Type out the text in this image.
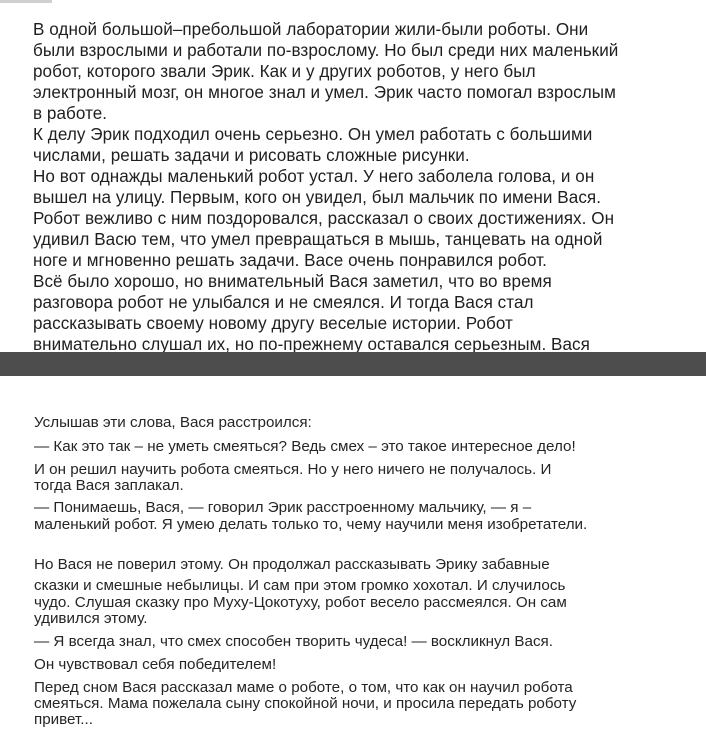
В одной большой–пребольшой лаборатории жили-были роботы. Они
были взрослыми и работали по-взрослому. Но был среди них маленький
робот, которого звали Эрик. Как и у других роботов, у него был
электронный мозг, он многое знал и умел. Эрик часто помогал взрослым
в работе.
К делу Эрик подходил очень серьезно. Он умел работать с большими
числами, решать задачи и рисовать сложные рисунки.
Но вот однажды маленький робот устал. У него заболела голова, и он
вышел на улицу. Первым, кого он увидел, был мальчик по имени Вася.
Робот вежливо с ним поздоровался, рассказал о своих достижениях. Он
удивил Васю тем, что умел превращаться в мышь, танцевать на одной
ноге и мгновенно решать задачи. Васе очень понравился робот.
Всё было хорошо, но внимательный Вася заметил, что во время
разговора робот не улыбался и не смеялся. И тогда Вася стал
рассказывать своему новому другу веселые истории. Робот
внимательно слушал их, но по-прежнему оставался серьезным. Вася
Услышав эти слова, Вася расстроился:
— Как это так – не уметь смеяться? Ведь смех – это такое интересное дело!
И он решил научить робота смеяться. Но у него ничего не получалось. И
тогда Вася заплакал.
— Понимаешь, Вася, — говорил Эрик расстроенному мальчику, — я –
маленький робот. Я умею делать только то, чему научили меня изобретатели.
Но Вася не поверил этому. Он продолжал рассказывать Эрику забавные
сказки и смешные небылицы. И сам при этом громко хохотал. И случилось
чудо. Слушая сказку про Муху-Цокотуху, робот весело рассмеялся. Он сам
удивился этому.
— Я всегда знал, что смех способен творить чудеса! — воскликнул Вася.
Он чувствовал себя победителем!
Перед сном Вася рассказал маме о роботе, о том, что как он научил робота
смеяться. Мама пожелала сыну спокойной ночи, и просила передать роботу
привет...
